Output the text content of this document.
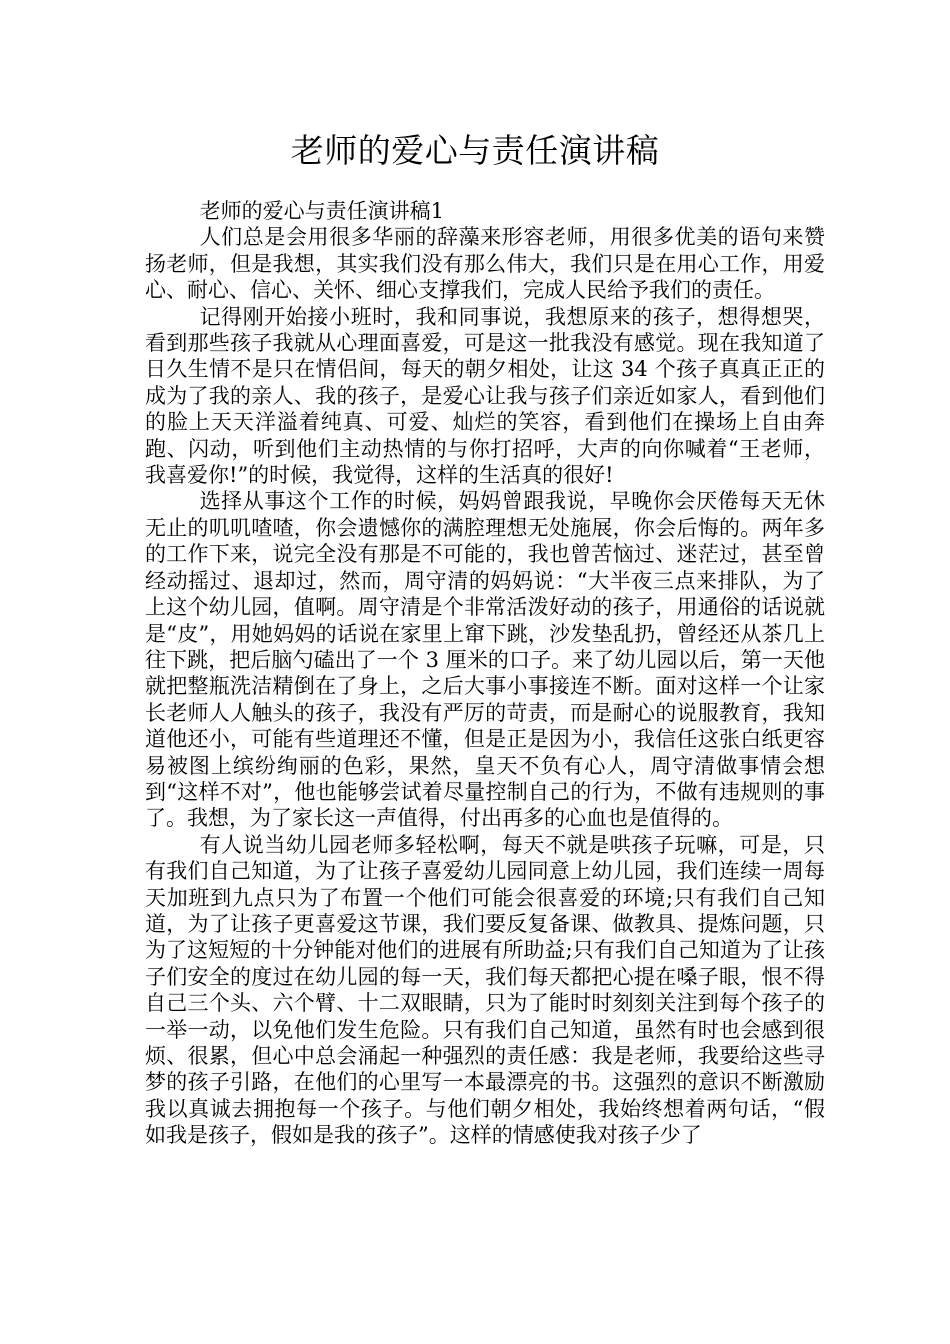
老师的爱心与责任演讲稿

老师的爱心与责任演讲稿1

人们总是会用很多华丽的辞藻来形容老师，用很多优美的语句来赞扬老师，但是我想，其实我们没有那么伟大，我们只是在用心工作，用爱心、耐心、信心、关怀、细心支撑我们，完成人民给予我们的责任。

记得刚开始接小班时，我和同事说，我想原来的孩子，想得想哭，看到那些孩子我就从心理面喜爱，可是这一批我没有感觉。现在我知道了日久生情不是只在情侣间，每天的朝夕相处，让这 34 个孩子真真正正的成为了我的亲人、我的孩子，是爱心让我与孩子们亲近如家人，看到他们的脸上天天洋溢着纯真、可爱、灿烂的笑容，看到他们在操场上自由奔跑、闪动，听到他们主动热情的与你打招呼，大声的向你喊着“王老师，我喜爱你!”的时候，我觉得，这样的生活真的很好!

选择从事这个工作的时候，妈妈曾跟我说，早晚你会厌倦每天无休无止的叽叽喳喳，你会遗憾你的满腔理想无处施展，你会后悔的。两年多的工作下来，说完全没有那是不可能的，我也曾苦恼过、迷茫过，甚至曾经动摇过、退却过，然而，周守清的妈妈说：“大半夜三点来排队，为了上这个幼儿园，值啊。周守清是个非常活泼好动的孩子，用通俗的话说就是“皮”，用她妈妈的话说在家里上窜下跳，沙发垫乱扔，曾经还从茶几上往下跳，把后脑勺磕出了一个 3 厘米的口子。来了幼儿园以后，第一天他就把整瓶洗洁精倒在了身上，之后大事小事接连不断。面对这样一个让家长老师人人触头的孩子，我没有严厉的苛责，而是耐心的说服教育，我知道他还小，可能有些道理还不懂，但是正是因为小，我信任这张白纸更容易被图上缤纷绚丽的色彩，果然，皇天不负有心人，周守清做事情会想到“这样不对”，他也能够尝试着尽量控制自己的行为，不做有违规则的事了。我想，为了家长这一声值得，付出再多的心血也是值得的。

有人说当幼儿园老师多轻松啊，每天不就是哄孩子玩嘛，可是，只有我们自己知道，为了让孩子喜爱幼儿园同意上幼儿园，我们连续一周每天加班到九点只为了布置一个他们可能会很喜爱的环境;只有我们自己知道，为了让孩子更喜爱这节课，我们要反复备课、做教具、提炼问题，只为了这短短的十分钟能对他们的进展有所助益;只有我们自己知道为了让孩子们安全的度过在幼儿园的每一天，我们每天都把心提在嗓子眼，恨不得自己三个头、六个臂、十二双眼睛，只为了能时时刻刻关注到每个孩子的一举一动，以免他们发生危险。只有我们自己知道，虽然有时也会感到很烦、很累，但心中总会涌起一种强烈的责任感：我是老师，我要给这些寻梦的孩子引路，在他们的心里写一本最漂亮的书。这强烈的意识不断激励我以真诚去拥抱每一个孩子。与他们朝夕相处，我始终想着两句话，“假如我是孩子，假如是我的孩子”。这样的情感使我对孩子少了
